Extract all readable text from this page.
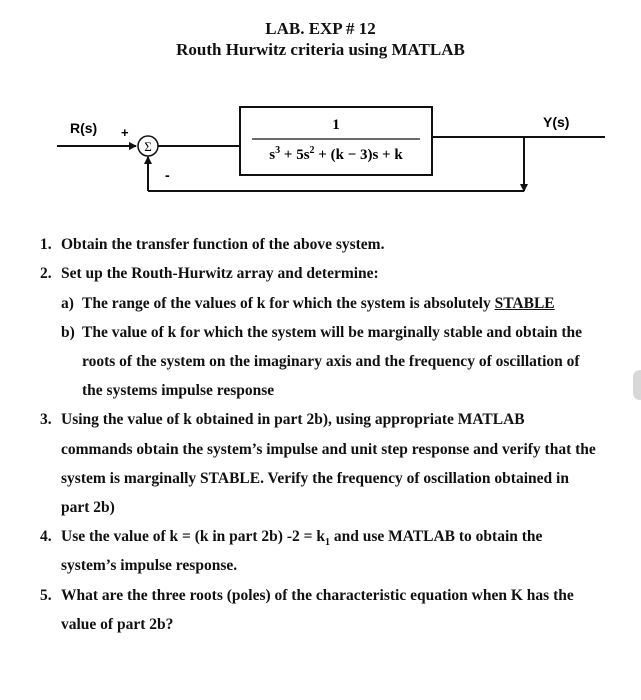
LAB. EXP # 12
Routh Hurwitz criteria using MATLAB
R(s) +
Σ
1
$s^3 + 5s^2 + (k - 3)s + k$
Y(s)
-
1. Obtain the transfer function of the above system.
2. Set up the Routh-Hurwitz array and determine:
a) The range of the values of k for which the system is absolutely STABLE
b) The value of k for which the system will be marginally stable and obtain the
roots of the system on the imaginary axis and the frequency of oscillation of
the systems impulse response
3. Using the value of k obtained in part 2b), using appropriate MATLAB
commands obtain the system’s impulse and unit step response and verify that the
system is marginally STABLE. Verify the frequency of oscillation obtained in
part 2b)
4. Use the value of k = (k in part 2b) $-2 = k_1$ and use MATLAB to obtain the
system’s impulse response.
5. What are the three roots (poles) of the characteristic equation when K has the
value of part 2b?
